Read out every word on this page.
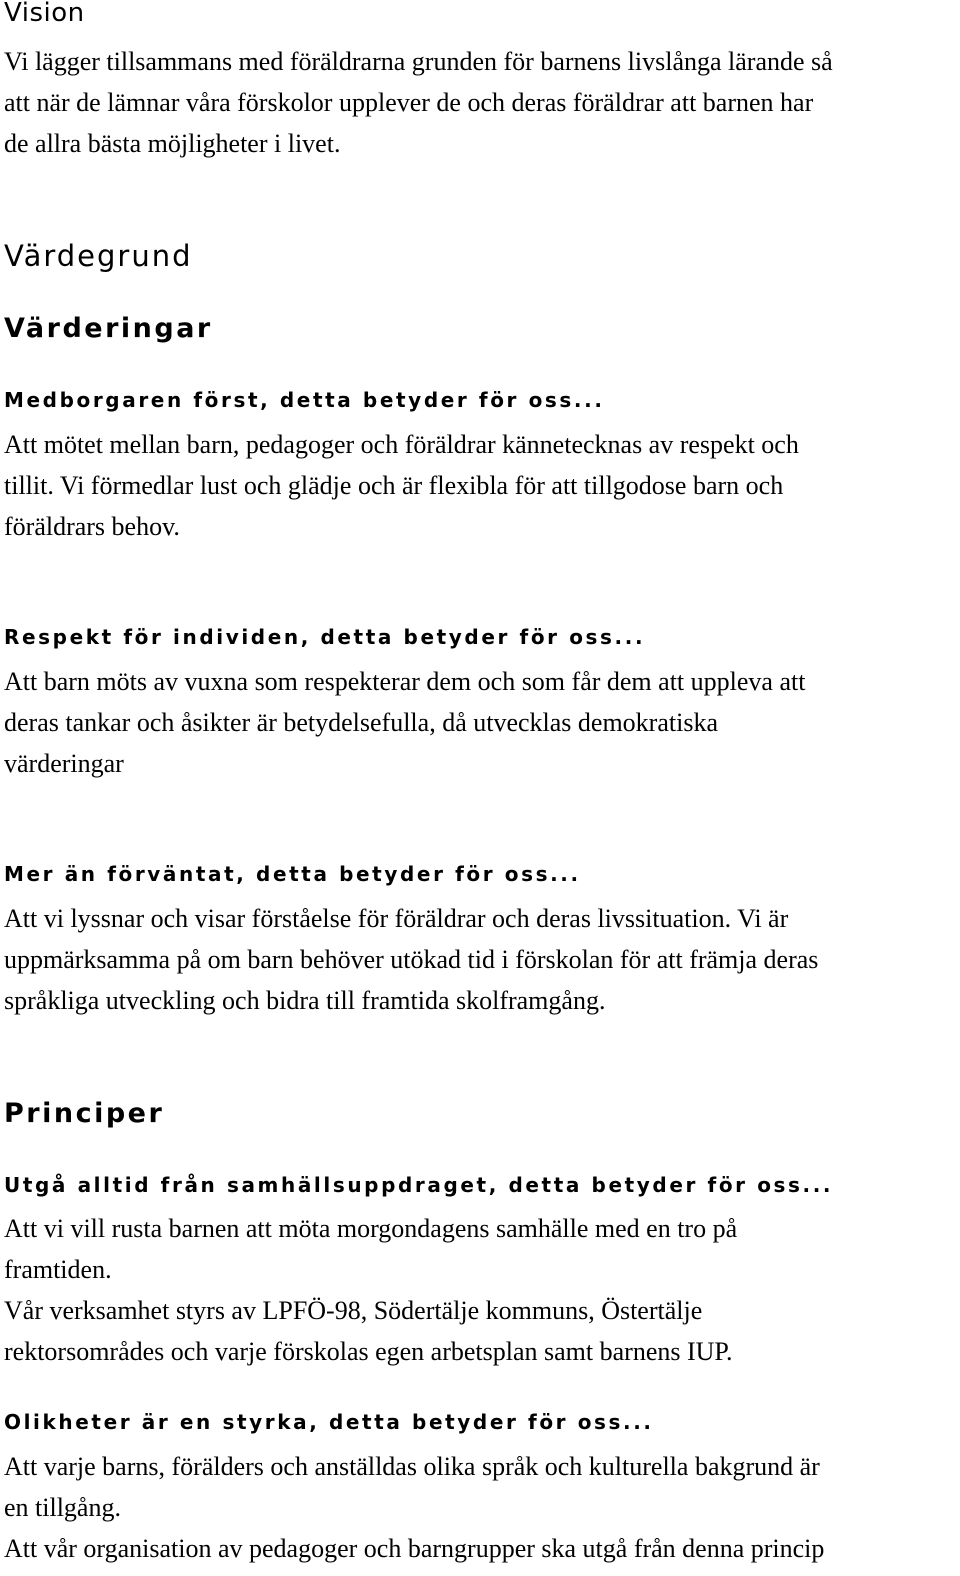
Vision

Vi lägger tillsammans med föräldrarna grunden för barnens livslånga lärande så
att när de lämnar våra förskolor upplever de och deras föräldrar att barnen har
de allra bästa möjligheter i livet.

Värdegrund
Värderingar
Medborgaren först, detta betyder för oss...

Att mötet mellan barn, pedagoger och föräldrar kännetecknas av respekt och
tillit. Vi förmedlar lust och glädje och är flexibla för att tillgodose barn och
föräldrars behov.

Respekt för individen, detta betyder för oss...

Att barn möts av vuxna som respekterar dem och som får dem att uppleva att
deras tankar och åsikter är betydelsefulla, då utvecklas demokratiska
värderingar

Mer än förväntat, detta betyder för oss...

Att vi lyssnar och visar förståelse för föräldrar och deras livssituation. Vi är
uppmärksamma på om barn behöver utökad tid i förskolan för att främja deras
språkliga utveckling och bidra till framtida skolframgång.

Principer
Utgå alltid från samhällsuppdraget, detta betyder för oss...

Att vi vill rusta barnen att möta morgondagens samhälle med en tro på
framtiden.
Vår verksamhet styrs av LPFÖ-98, Södertälje kommuns, Östertälje
rektorsområdes och varje förskolas egen arbetsplan samt barnens IUP.

Olikheter är en styrka, detta betyder för oss...

Att varje barns, förälders och anställdas olika språk och kulturella bakgrund är
en tillgång.
Att vår organisation av pedagoger och barngrupper ska utgå från denna princip
